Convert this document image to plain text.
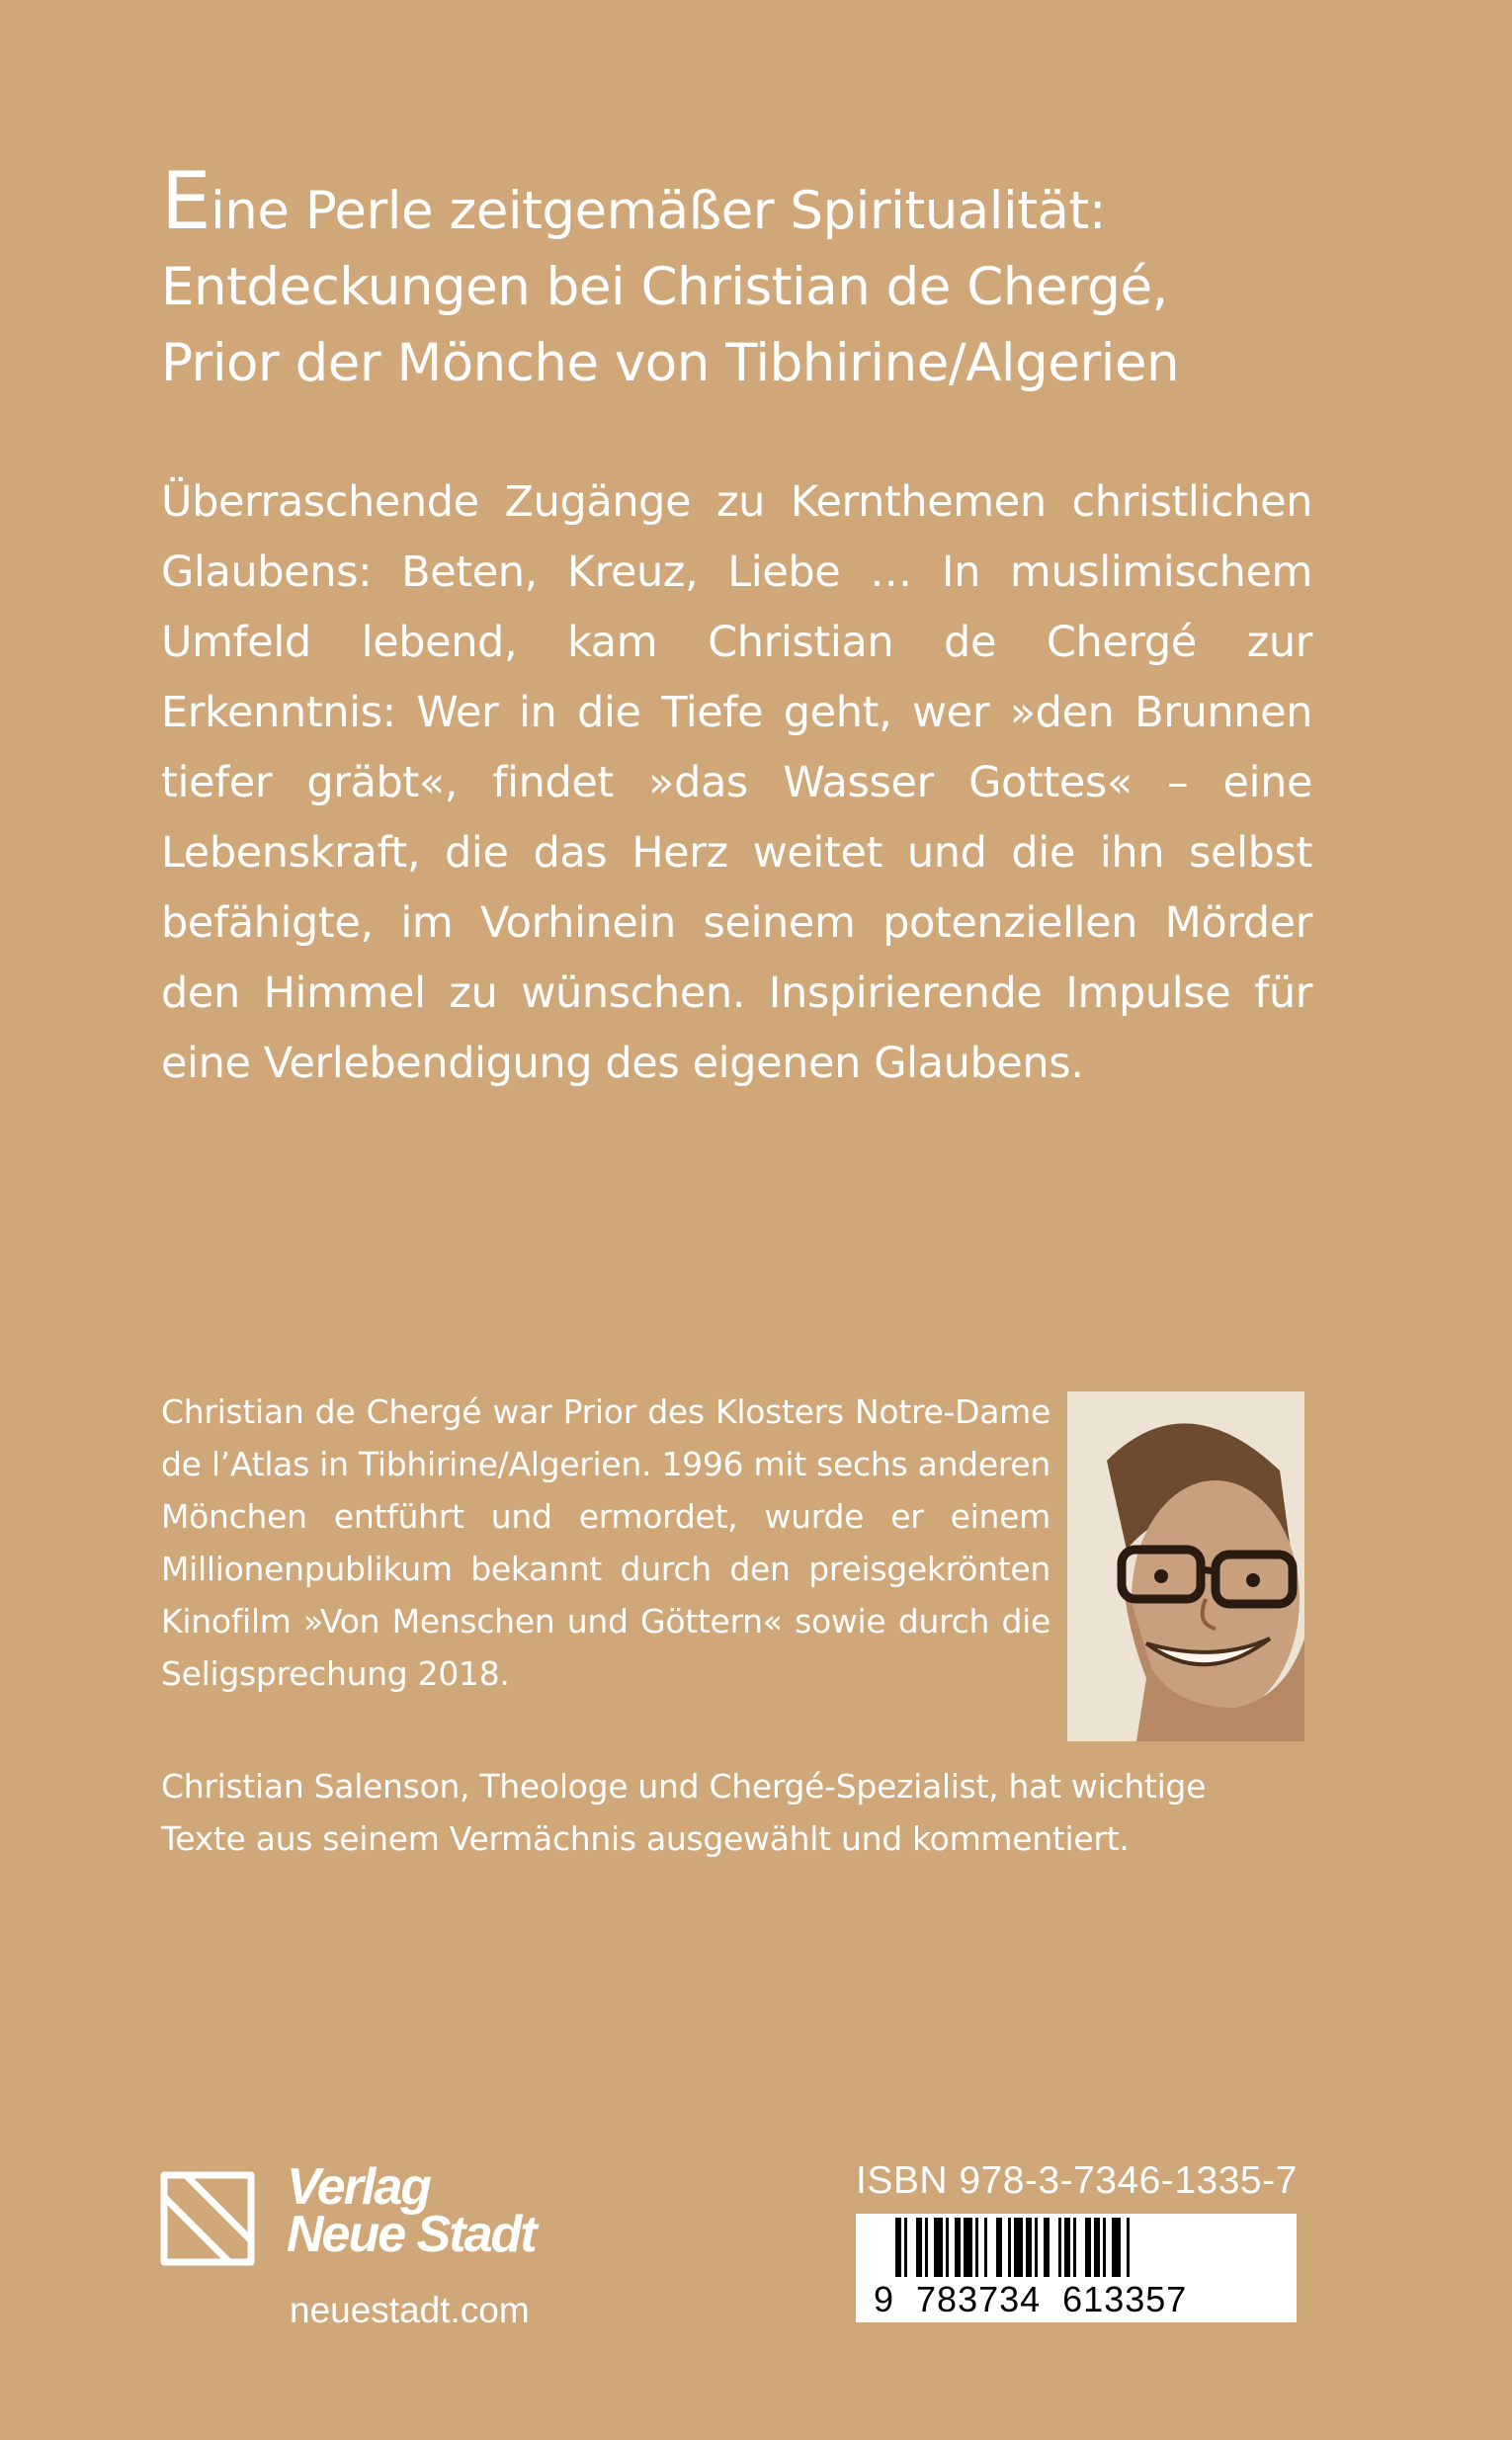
Eine Perle zeitgemäßer Spiritualität:
Entdeckungen bei Christian de Chergé,
Prior der Mönche von Tibhirine/Algerien
Überraschende Zugänge zu Kernthemen christlichen Glaubens: Beten, Kreuz, Liebe … In muslimischem Umfeld lebend, kam Christian de Chergé zur Erkenntnis: Wer in die Tiefe geht, wer »den Brunnen tiefer gräbt«, findet »das Wasser Gottes« – eine Lebenskraft, die das Herz weitet und die ihn selbst befähigte, im Vorhinein seinem potenziellen Mörder den Himmel zu wünschen. Inspirierende Impulse für eine Verlebendigung des eigenen Glaubens.
Christian de Chergé war Prior des Klosters Notre-Dame de l’Atlas in Tibhirine/Algerien. 1996 mit sechs anderen Mönchen entführt und ermordet, wurde er einem Millionenpublikum bekannt durch den preisgekrönten Kinofilm »Von Menschen und Göttern« sowie durch die Seligsprechung 2018.
Christian Salenson, Theologe und Chergé-Spezialist, hat wichtige Texte aus seinem Vermächnis ausgewählt und kommentiert.
Verlag
Neue Stadt
neuestadt.com
ISBN 978-3-7346-1335-7
9  783734  613357
